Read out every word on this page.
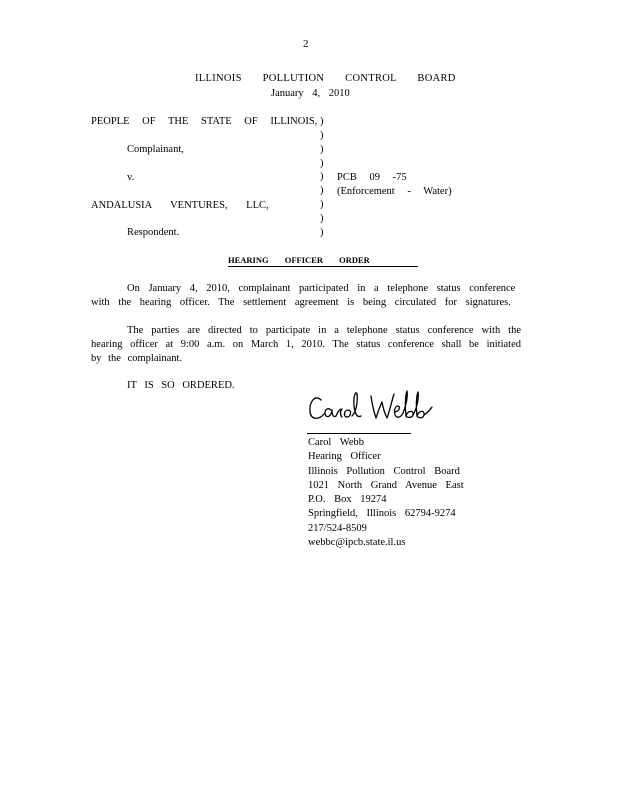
2
ILLINOIS POLLUTION CONTROL BOARD
January 4, 2010
PEOPLE OF THE STATE OF ILLINOIS,
Complainant,
v.
ANDALUSIA VENTURES, LLC,
Respondent.
)
)
)
)
)
)
)
)
)
PCB 09 -75
(Enforcement - Water)
HEARING OFFICER ORDER
On January 4, 2010, complainant participated in a telephone status conference
with the hearing officer. The settlement agreement is being circulated for signatures.
The parties are directed to participate in a telephone status conference with the hearing officer at 9:00 a.m. on March 1, 2010. The status conference shall be initiated by the complainant.
IT IS SO ORDERED.
Carol Webb
Hearing Officer
Illinois Pollution Control Board
1021 North Grand Avenue East
P.O. Box 19274
Springfield, Illinois 62794-9274
217/524-8509
webbc@ipcb.state.il.us
